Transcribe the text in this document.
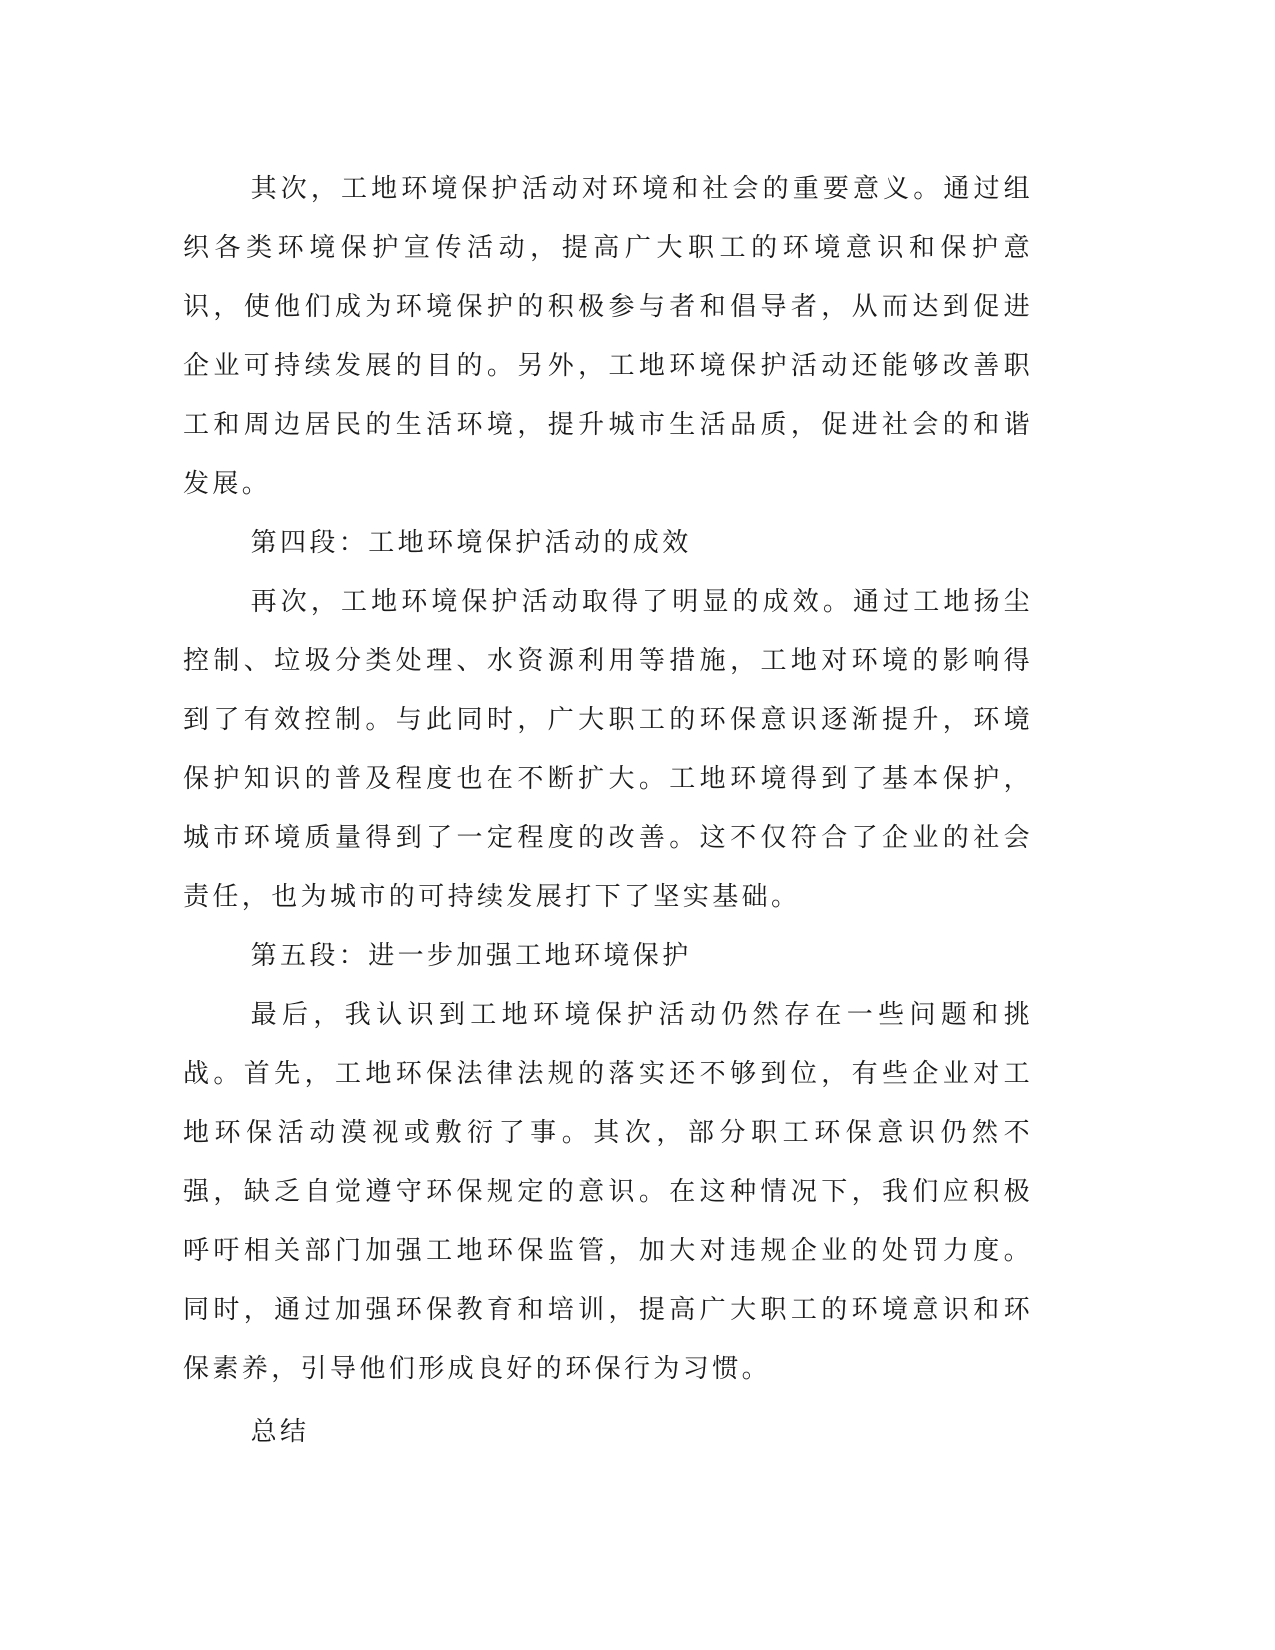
其次，工地环境保护活动对环境和社会的重要意义。通过组织各类环境保护宣传活动，提高广大职工的环境意识和保护意识，使他们成为环境保护的积极参与者和倡导者，从而达到促进企业可持续发展的目的。另外，工地环境保护活动还能够改善职工和周边居民的生活环境，提升城市生活品质，促进社会的和谐发展。

第四段：工地环境保护活动的成效

再次，工地环境保护活动取得了明显的成效。通过工地扬尘控制、垃圾分类处理、水资源利用等措施，工地对环境的影响得到了有效控制。与此同时，广大职工的环保意识逐渐提升，环境保护知识的普及程度也在不断扩大。工地环境得到了基本保护，城市环境质量得到了一定程度的改善。这不仅符合了企业的社会责任，也为城市的可持续发展打下了坚实基础。

第五段：进一步加强工地环境保护

最后，我认识到工地环境保护活动仍然存在一些问题和挑战。首先，工地环保法律法规的落实还不够到位，有些企业对工地环保活动漠视或敷衍了事。其次，部分职工环保意识仍然不强，缺乏自觉遵守环保规定的意识。在这种情况下，我们应积极呼吁相关部门加强工地环保监管，加大对违规企业的处罚力度。同时，通过加强环保教育和培训，提高广大职工的环境意识和环保素养，引导他们形成良好的环保行为习惯。

总结
